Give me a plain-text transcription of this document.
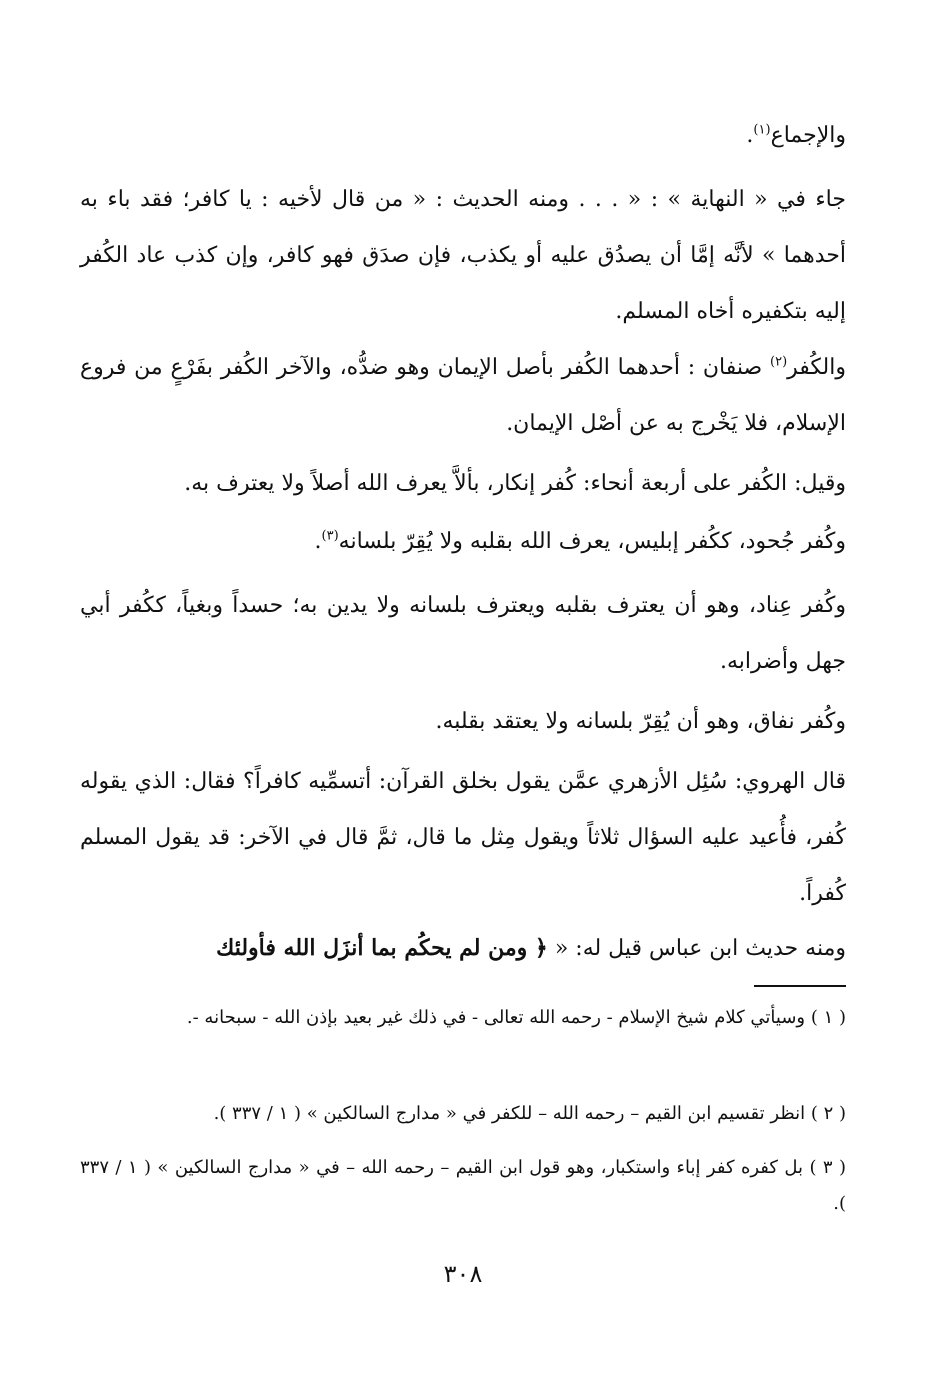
والإجماع$^{(١)}$.

جاء في « النهاية » : « . . . ومنه الحديث : « من قال لأخيه : يا كافر؛ فقد باء به أحدهما » لأنَّه إمَّا أن يصدُق عليه أو يكذب، فإن صدَق فهو كافر، وإن كذب عاد الكُفر إليه بتكفيره أخاه المسلم.

والكُفر$^{(٢)}$ صنفان : أحدهما الكُفر بأصل الإيمان وهو ضدُّه، والآخر الكُفر بفَرْعٍ من فروع الإسلام، فلا يَخْرج به عن أصْل الإيمان.

وقيل: الكُفر على أربعة أنحاء: كُفر إنكار، بألاَّ يعرف الله أصلاً ولا يعترف به.

وكُفر جُحود، ككُفر إبليس، يعرف الله بقلبه ولا يُقِرّ بلسانه$^{(٣)}$.

وكُفر عِناد، وهو أن يعترف بقلبه ويعترف بلسانه ولا يدين به؛ حسداً وبغياً، ككُفر أبي جهل وأضرابه.

وكُفر نفاق، وهو أن يُقِرّ بلسانه ولا يعتقد بقلبه.

قال الهروي: سُئِل الأزهري عمَّن يقول بخلق القرآن: أتسمِّيه كافراً؟ فقال: الذي يقوله كُفر، فأُعيد عليه السؤال ثلاثاً ويقول مِثل ما قال، ثمَّ قال في الآخر: قد يقول المسلم كُفراً.

ومنه حديث ابن عباس قيل له: « ﴿ ومن لم يحكُم بما أنزَل الله فأولئك

( ١ ) وسيأتي كلام شيخ الإسلام - رحمه الله تعالى - في ذلك غير بعيد بإذن الله - سبحانه -.

( ٢ ) انظر تقسيم ابن القيم – رحمه الله – للكفر في « مدارج السالكين » ( ١ / ٣٣٧ ).

( ٣ ) بل كفره كفر إباء واستكبار، وهو قول ابن القيم – رحمه الله – في « مدارج السالكين » ( ١ / ٣٣٧ ).

٣٠٨
